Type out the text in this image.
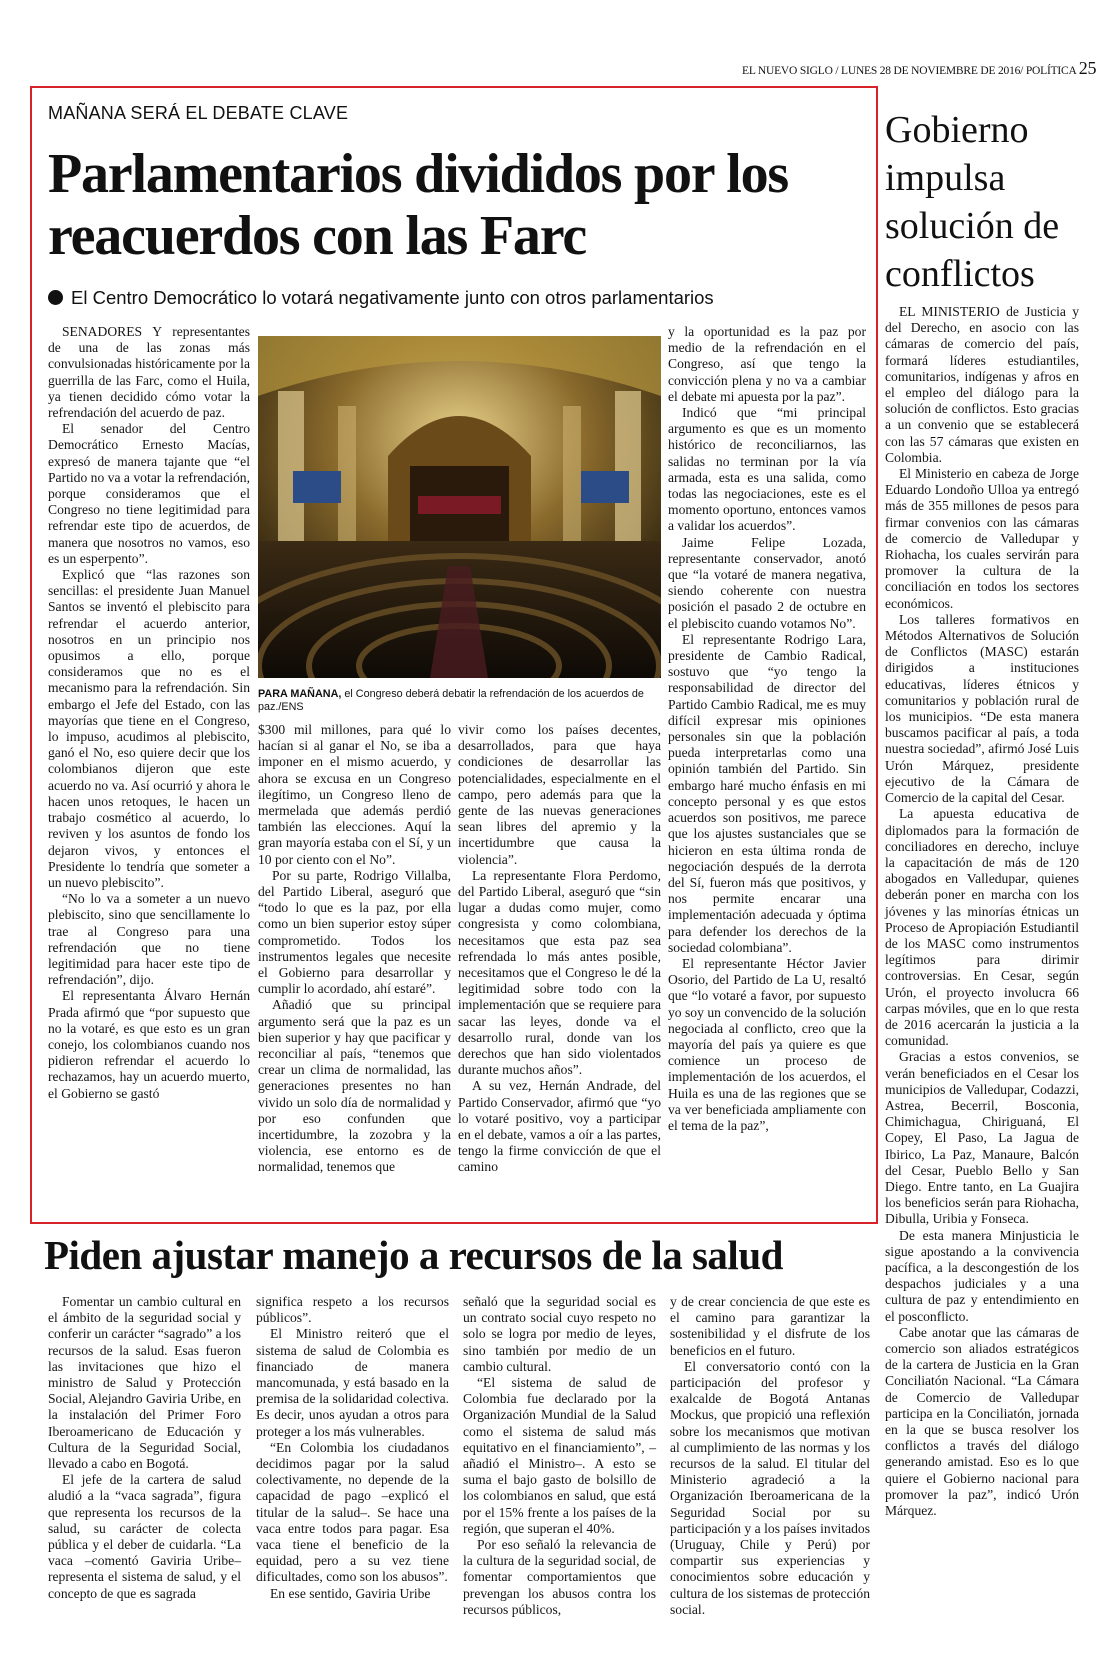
EL NUEVO SIGLO / LUNES 28 DE NOVIEMBRE DE 2016/ POLÍTICA 25
MAÑANA SERÁ EL DEBATE CLAVE
Parlamentarios divididos por los reacuerdos con las Farc
El Centro Democrático lo votará negativamente junto con otros parlamentarios

SENADORES Y representantes de una de las zonas más convulsionadas históricamente por la guerrilla de las Farc, como el Huila, ya tienen decidido cómo votar la refrendación del acuerdo de paz.

El senador del Centro Democrático Ernesto Macías, expresó de manera tajante que “el Partido no va a votar la refrendación, porque consideramos que el Congreso no tiene legitimidad para refrendar este tipo de acuerdos, de manera que nosotros no vamos, eso es un esperpento”.

Explicó que “las razones son sencillas: el presidente Juan Manuel Santos se inventó el plebiscito para refrendar el acuerdo anterior, nosotros en un principio nos opusimos a ello, porque consideramos que no es el mecanismo para la refrendación. Sin embargo el Jefe del Estado, con las mayorías que tiene en el Congreso, lo impuso, acudimos al plebiscito, ganó el No, eso quiere decir que los colombianos dijeron que este acuerdo no va. Así ocurrió y ahora le hacen unos retoques, le hacen un trabajo cosmético al acuerdo, lo reviven y los asuntos de fondo los dejaron vivos, y entonces el Presidente lo tendría que someter a un nuevo plebiscito”.

“No lo va a someter a un nuevo plebiscito, sino que sencillamente lo trae al Congreso para una refrendación que no tiene legitimidad para hacer este tipo de refrendación”, dijo.

El representanta Álvaro Hernán Prada afirmó que “por supuesto que no la votaré, es que esto es un gran conejo, los colombianos cuando nos pidieron refrendar el acuerdo lo rechazamos, hay un acuerdo muerto, el Gobierno se gastó

PARA MAÑANA, el Congreso deberá debatir la refrendación de los acuerdos de paz./ENS

$300 mil millones, para qué lo hacían si al ganar el No, se iba a imponer en el mismo acuerdo, y ahora se excusa en un Congreso ilegítimo, un Congreso lleno de mermelada que además perdió también las elecciones. Aquí la gran mayoría estaba con el Sí, y un 10 por ciento con el No”.

Por su parte, Rodrigo Villalba, del Partido Liberal, aseguró que “todo lo que es la paz, por ella como un bien superior estoy súper comprometido. Todos los instrumentos legales que necesite el Gobierno para desarrollar y cumplir lo acordado, ahí estaré”.

Añadió que su principal argumento será que la paz es un bien superior y hay que pacificar y reconciliar al país, “tenemos que crear un clima de normalidad, las generaciones presentes no han vivido un solo día de normalidad y por eso confunden que incertidumbre, la zozobra y la violencia, ese entorno es de normalidad, tenemos que

vivir como los países decentes, desarrollados, para que haya condiciones de desarrollar las potencialidades, especialmente en el campo, pero además para que la gente de las nuevas generaciones sean libres del apremio y la incertidumbre que causa la violencia”.

La representante Flora Perdomo, del Partido Liberal, aseguró que “sin lugar a dudas como mujer, como congresista y como colombiana, necesitamos que esta paz sea refrendada lo más antes posible, necesitamos que el Congreso le dé la legitimidad sobre todo con la implementación que se requiere para sacar las leyes, donde va el desarrollo rural, donde van los derechos que han sido violentados durante muchos años”.

A su vez, Hernán Andrade, del Partido Conservador, afirmó que “yo lo votaré positivo, voy a participar en el debate, vamos a oír a las partes, tengo la firme convicción de que el camino

y la oportunidad es la paz por medio de la refrendación en el Congreso, así que tengo la convicción plena y no va a cambiar el debate mi apuesta por la paz”.

Indicó que “mi principal argumento es que es un momento histórico de reconciliarnos, las salidas no terminan por la vía armada, esta es una salida, como todas las negociaciones, este es el momento oportuno, entonces vamos a validar los acuerdos”.

Jaime Felipe Lozada, representante conservador, anotó que “la votaré de manera negativa, siendo coherente con nuestra posición el pasado 2 de octubre en el plebiscito cuando votamos No”.

El representante Rodrigo Lara, presidente de Cambio Radical, sostuvo que “yo tengo la responsabilidad de director del Partido Cambio Radical, me es muy difícil expresar mis opiniones personales sin que la población pueda interpretarlas como una opinión también del Partido. Sin embargo haré mucho énfasis en mi concepto personal y es que estos acuerdos son positivos, me parece que los ajustes sustanciales que se hicieron en esta última ronda de negociación después de la derrota del Sí, fueron más que positivos, y nos permite encarar una implementación adecuada y óptima para defender los derechos de la sociedad colombiana”.

El representante Héctor Javier Osorio, del Partido de La U, resaltó que “lo votaré a favor, por supuesto yo soy un convencido de la solución negociada al conflicto, creo que la mayoría del país ya quiere es que comience un proceso de implementación de los acuerdos, el Huila es una de las regiones que se va ver beneficiada ampliamente con el tema de la paz”,

Gobierno impulsa solución de conflictos

EL MINISTERIO de Justicia y del Derecho, en asocio con las cámaras de comercio del país, formará líderes estudiantiles, comunitarios, indígenas y afros en el empleo del diálogo para la solución de conflictos. Esto gracias a un convenio que se establecerá con las 57 cámaras que existen en Colombia.

El Ministerio en cabeza de Jorge Eduardo Londoño Ulloa ya entregó más de 355 millones de pesos para firmar convenios con las cámaras de comercio de Valledupar y Riohacha, los cuales servirán para promover la cultura de la conciliación en todos los sectores económicos.

Los talleres formativos en Métodos Alternativos de Solución de Conflictos (MASC) estarán dirigidos a instituciones educativas, líderes étnicos y comunitarios y población rural de los municipios. “De esta manera buscamos pacificar al país, a toda nuestra sociedad”, afirmó José Luis Urón Márquez, presidente ejecutivo de la Cámara de Comercio de la capital del Cesar.

La apuesta educativa de diplomados para la formación de conciliadores en derecho, incluye la capacitación de más de 120 abogados en Valledupar, quienes deberán poner en marcha con los jóvenes y las minorías étnicas un Proceso de Apropiación Estudiantil de los MASC como instrumentos legítimos para dirimir controversias. En Cesar, según Urón, el proyecto involucra 66 carpas móviles, que en lo que resta de 2016 acercarán la justicia a la comunidad.

Gracias a estos convenios, se verán beneficiados en el Cesar los municipios de Valledupar, Codazzi, Astrea, Becerril, Bosconia, Chimichagua, Chiriguaná, El Copey, El Paso, La Jagua de Ibirico, La Paz, Manaure, Balcón del Cesar, Pueblo Bello y San Diego. Entre tanto, en La Guajira los beneficios serán para Riohacha, Dibulla, Uribia y Fonseca.

De esta manera Minjusticia le sigue apostando a la convivencia pacífica, a la descongestión de los despachos judiciales y a una cultura de paz y entendimiento en el posconflicto.

Cabe anotar que las cámaras de comercio son aliados estratégicos de la cartera de Justicia en la Gran Conciliatón Nacional. “La Cámara de Comercio de Valledupar participa en la Conciliatón, jornada en la que se busca resolver los conflictos a través del diálogo generando amistad. Eso es lo que quiere el Gobierno nacional para promover la paz”, indicó Urón Márquez.

Piden ajustar manejo a recursos de la salud

Fomentar un cambio cultural en el ámbito de la seguridad social y conferir un carácter “sagrado” a los recursos de la salud. Esas fueron las invitaciones que hizo el ministro de Salud y Protección Social, Alejandro Gaviria Uribe, en la instalación del Primer Foro Iberoamericano de Educación y Cultura de la Seguridad Social, llevado a cabo en Bogotá.

El jefe de la cartera de salud aludió a la “vaca sagrada”, figura que representa los recursos de la salud, su carácter de colecta pública y el deber de cuidarla. “La vaca –comentó Gaviria Uribe– representa el sistema de salud, y el concepto de que es sagrada

significa respeto a los recursos públicos”.

El Ministro reiteró que el sistema de salud de Colombia es financiado de manera mancomunada, y está basado en la premisa de la solidaridad colectiva. Es decir, unos ayudan a otros para proteger a los más vulnerables.

“En Colombia los ciudadanos decidimos pagar por la salud colectivamente, no depende de la capacidad de pago –explicó el titular de la salud–. Se hace una vaca entre todos para pagar. Esa vaca tiene el beneficio de la equidad, pero a su vez tiene dificultades, como son los abusos”.

En ese sentido, Gaviria Uribe

señaló que la seguridad social es un contrato social cuyo respeto no solo se logra por medio de leyes, sino también por medio de un cambio cultural.

“El sistema de salud de Colombia fue declarado por la Organización Mundial de la Salud como el sistema de salud más equitativo en el financiamiento”, –añadió el Ministro–. A esto se suma el bajo gasto de bolsillo de los colombianos en salud, que está por el 15% frente a los países de la región, que superan el 40%.

Por eso señaló la relevancia de la cultura de la seguridad social, de fomentar comportamientos que prevengan los abusos contra los recursos públicos,

y de crear conciencia de que este es el camino para garantizar la sostenibilidad y el disfrute de los beneficios en el futuro.

El conversatorio contó con la participación del profesor y exalcalde de Bogotá Antanas Mockus, que propició una reflexión sobre los mecanismos que motivan al cumplimiento de las normas y los recursos de la salud. El titular del Ministerio agradeció a la Organización Iberoamericana de la Seguridad Social por su participación y a los países invitados (Uruguay, Chile y Perú) por compartir sus experiencias y conocimientos sobre educación y cultura de los sistemas de protección social.
